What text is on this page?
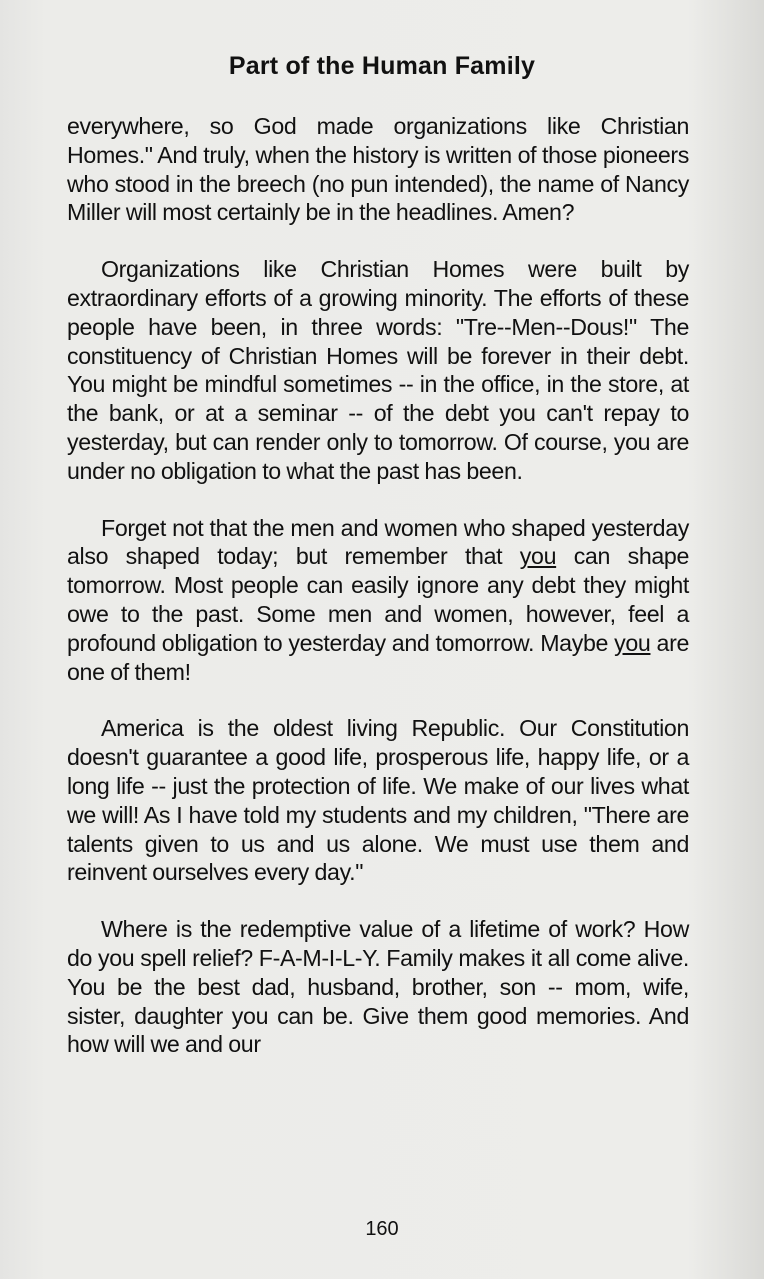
Part of the Human Family

everywhere, so God made organizations like Christian Homes." And truly, when the history is written of those pioneers who stood in the breech (no pun intended), the name of Nancy Miller will most certainly be in the headlines. Amen?

Organizations like Christian Homes were built by extraordinary efforts of a growing minority. The efforts of these people have been, in three words: "Tre--Men--Dous!" The constituency of Christian Homes will be forever in their debt. You might be mindful sometimes -- in the office, in the store, at the bank, or at a seminar -- of the debt you can't repay to yesterday, but can render only to tomorrow. Of course, you are under no obligation to what the past has been.

Forget not that the men and women who shaped yesterday also shaped today; but remember that you can shape tomorrow. Most people can easily ignore any debt they might owe to the past. Some men and women, however, feel a profound obligation to yesterday and tomorrow. Maybe you are one of them!

America is the oldest living Republic. Our Constitution doesn't guarantee a good life, prosperous life, happy life, or a long life -- just the protection of life. We make of our lives what we will! As I have told my students and my children, "There are talents given to us and us alone. We must use them and reinvent ourselves every day."

Where is the redemptive value of a lifetime of work? How do you spell relief? F-A-M-I-L-Y. Family makes it all come alive. You be the best dad, husband, brother, son -- mom, wife, sister, daughter you can be. Give them good memories. And how will we and our

160
